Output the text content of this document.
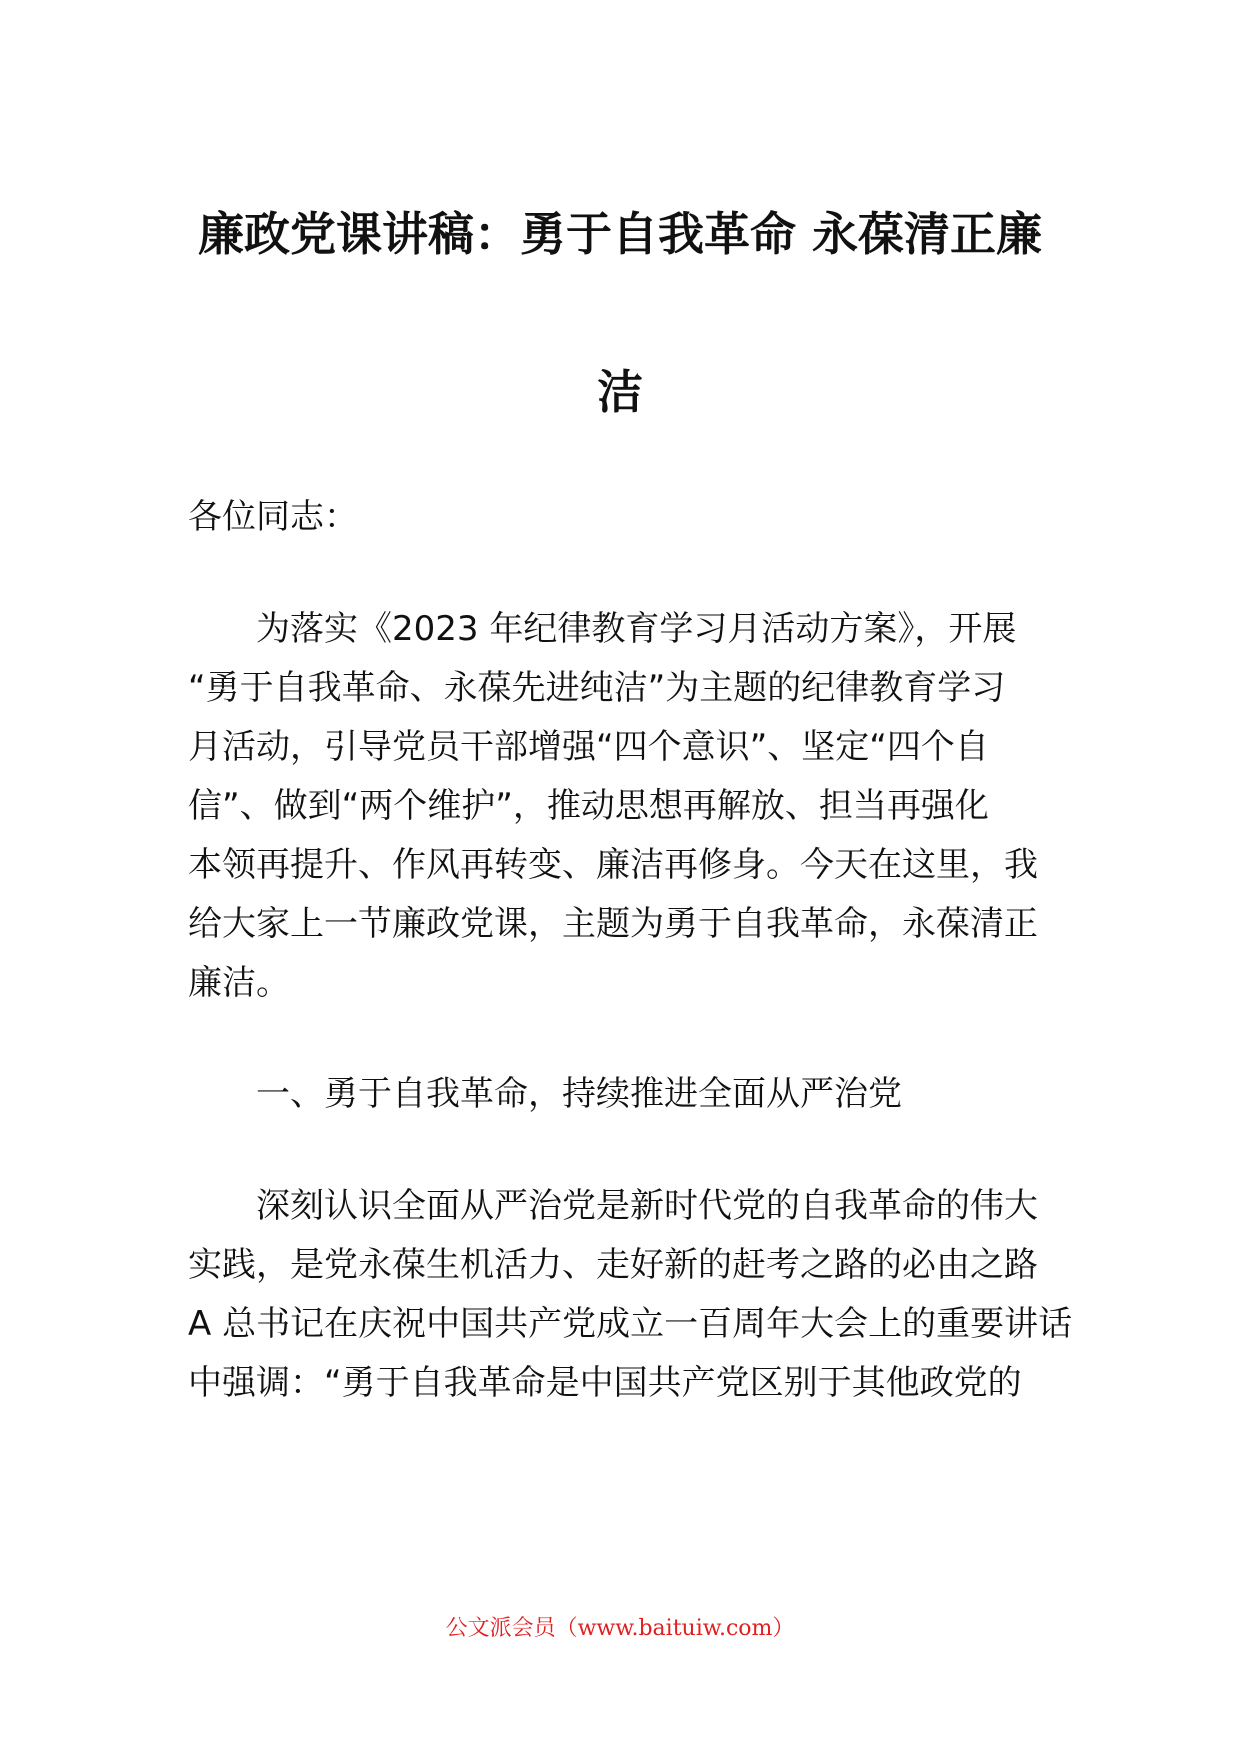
廉政党课讲稿：勇于自我革命 永葆清正廉
洁
各位同志：
为落实《2023 年纪律教育学习月活动方案》，开展
“勇于自我革命、永葆先进纯洁”为主题的纪律教育学习
月活动，引导党员干部增强“四个意识”、坚定“四个自
信”、做到“两个维护”，推动思想再解放、担当再强化
本领再提升、作风再转变、廉洁再修身。今天在这里，我
给大家上一节廉政党课，主题为勇于自我革命，永葆清正
廉洁。
一、勇于自我革命，持续推进全面从严治党
深刻认识全面从严治党是新时代党的自我革命的伟大
实践，是党永葆生机活力、走好新的赶考之路的必由之路
A 总书记在庆祝中国共产党成立一百周年大会上的重要讲话
中强调：“勇于自我革命是中国共产党区别于其他政党的
公文派会员（www.baituiw.com）
